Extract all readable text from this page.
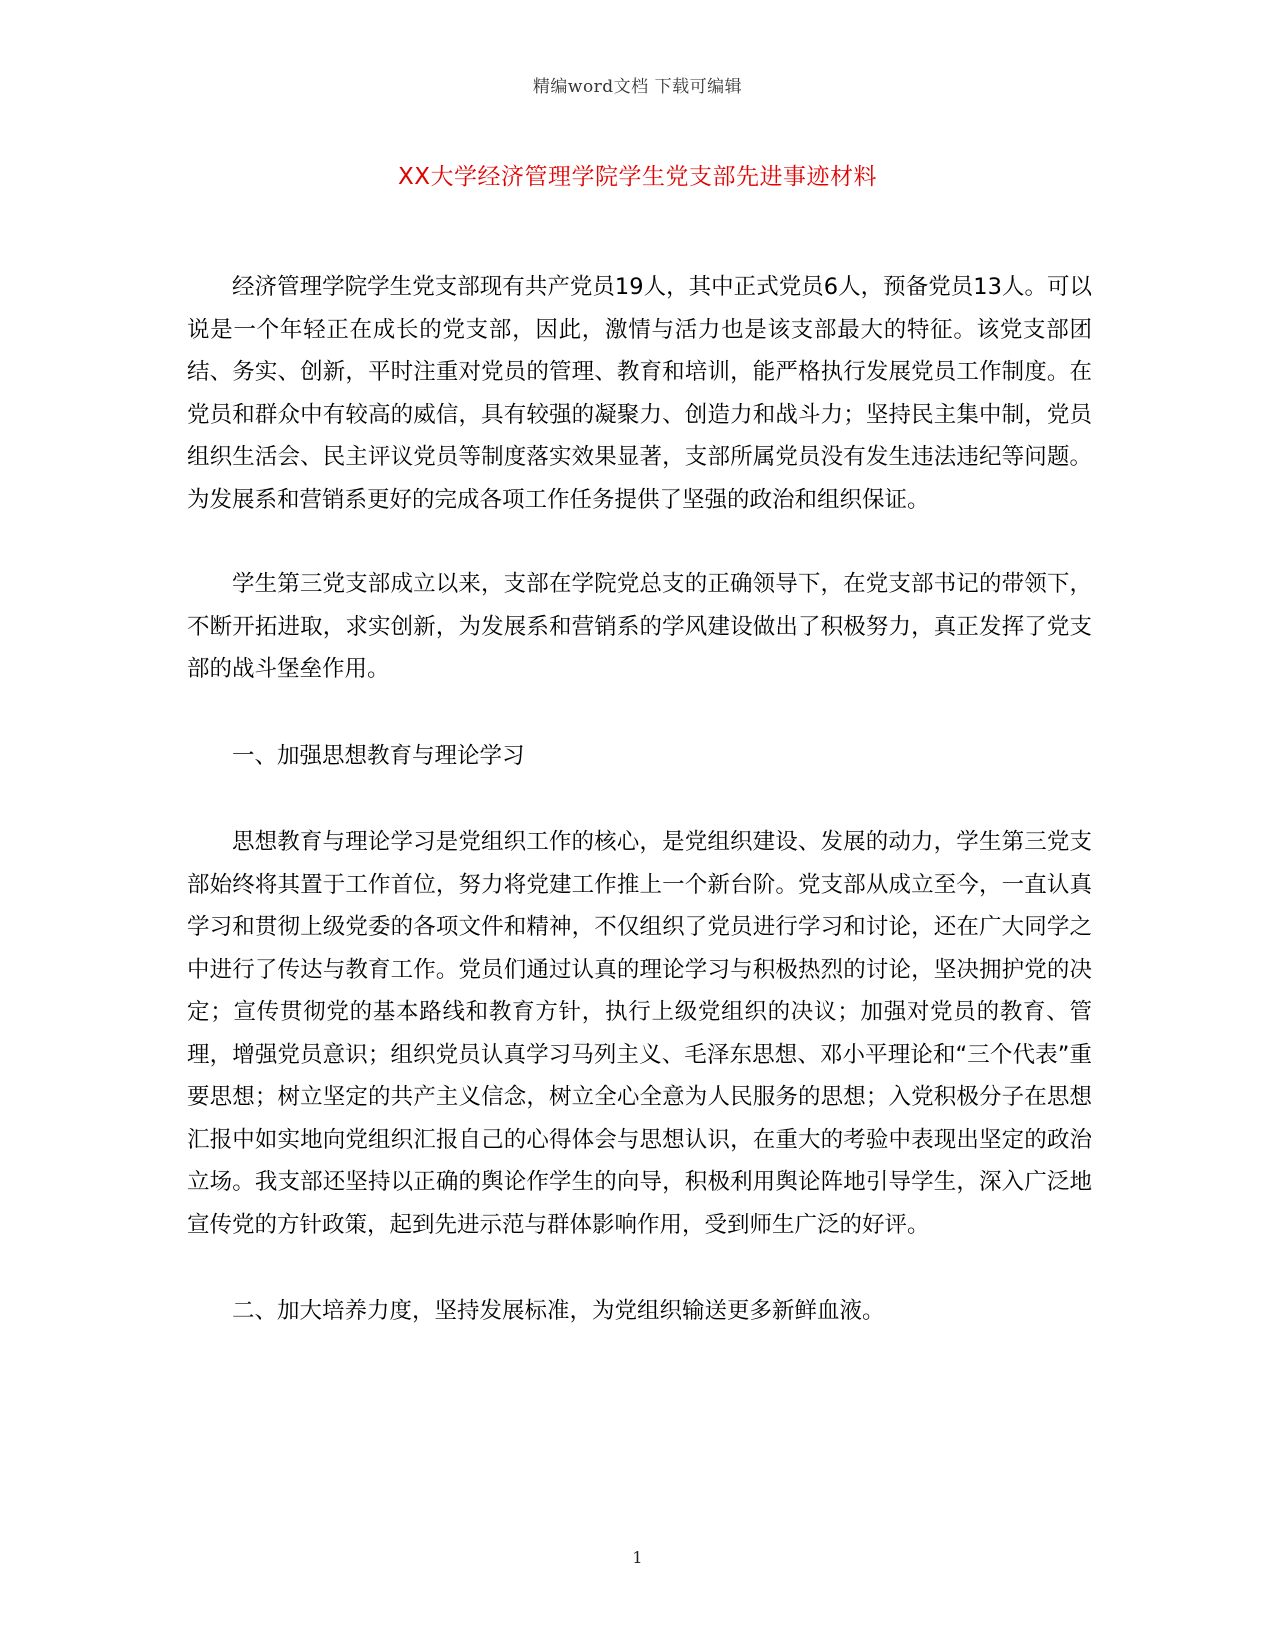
精编word文档 下载可编辑
XX大学经济管理学院学生党支部先进事迹材料

经济管理学院学生党支部现有共产党员19人，其中正式党员6人，预备党员13人。可以说是一个年轻正在成长的党支部，因此，激情与活力也是该支部最大的特征。该党支部团结、务实、创新，平时注重对党员的管理、教育和培训，能严格执行发展党员工作制度。在党员和群众中有较高的威信，具有较强的凝聚力、创造力和战斗力；坚持民主集中制，党员组织生活会、民主评议党员等制度落实效果显著，支部所属党员没有发生违法违纪等问题。为发展系和营销系更好的完成各项工作任务提供了坚强的政治和组织保证。

学生第三党支部成立以来，支部在学院党总支的正确领导下，在党支部书记的带领下，不断开拓进取，求实创新，为发展系和营销系的学风建设做出了积极努力，真正发挥了党支部的战斗堡垒作用。

一、加强思想教育与理论学习

思想教育与理论学习是党组织工作的核心，是党组织建设、发展的动力，学生第三党支部始终将其置于工作首位，努力将党建工作推上一个新台阶。党支部从成立至今，一直认真学习和贯彻上级党委的各项文件和精神，不仅组织了党员进行学习和讨论，还在广大同学之中进行了传达与教育工作。党员们通过认真的理论学习与积极热烈的讨论，坚决拥护党的决定；宣传贯彻党的基本路线和教育方针，执行上级党组织的决议；加强对党员的教育、管理，增强党员意识；组织党员认真学习马列主义、毛泽东思想、邓小平理论和“三个代表”重要思想；树立坚定的共产主义信念，树立全心全意为人民服务的思想；入党积极分子在思想汇报中如实地向党组织汇报自己的心得体会与思想认识，在重大的考验中表现出坚定的政治立场。我支部还坚持以正确的舆论作学生的向导，积极利用舆论阵地引导学生，深入广泛地宣传党的方针政策，起到先进示范与群体影响作用，受到师生广泛的好评。

二、加大培养力度，坚持发展标准，为党组织输送更多新鲜血液。

1
